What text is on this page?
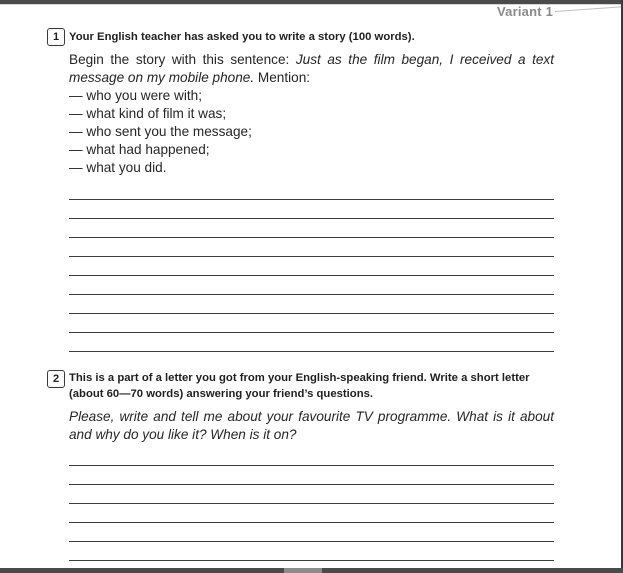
Variant 1
1 Your English teacher has asked you to write a story (100 words).
Begin the story with this sentence: Just as the film began, I received a text message on my mobile phone. Mention:
— who you were with;
— what kind of film it was;
— who sent you the message;
— what had happened;
— what you did.
2 This is a part of a letter you got from your English-speaking friend. Write a short letter (about 60—70 words) answering your friend’s questions.
Please, write and tell me about your favourite TV programme. What is it about and why do you like it? When is it on?
